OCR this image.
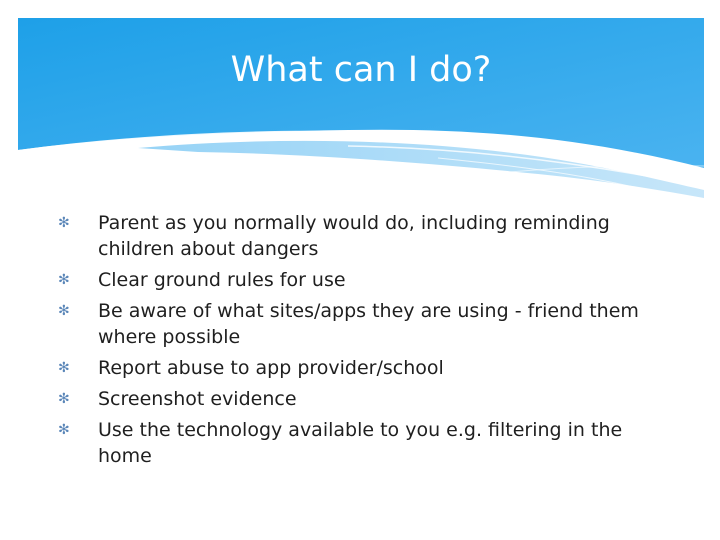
What can I do?
✻	Parent as you normally would do, including reminding children about dangers
✻	Clear ground rules for use
✻	Be aware of what sites/apps they are using - friend them where possible
✻	Report abuse to app provider/school
✻	Screenshot evidence
✻	Use the technology available to you e.g. filtering in the home
